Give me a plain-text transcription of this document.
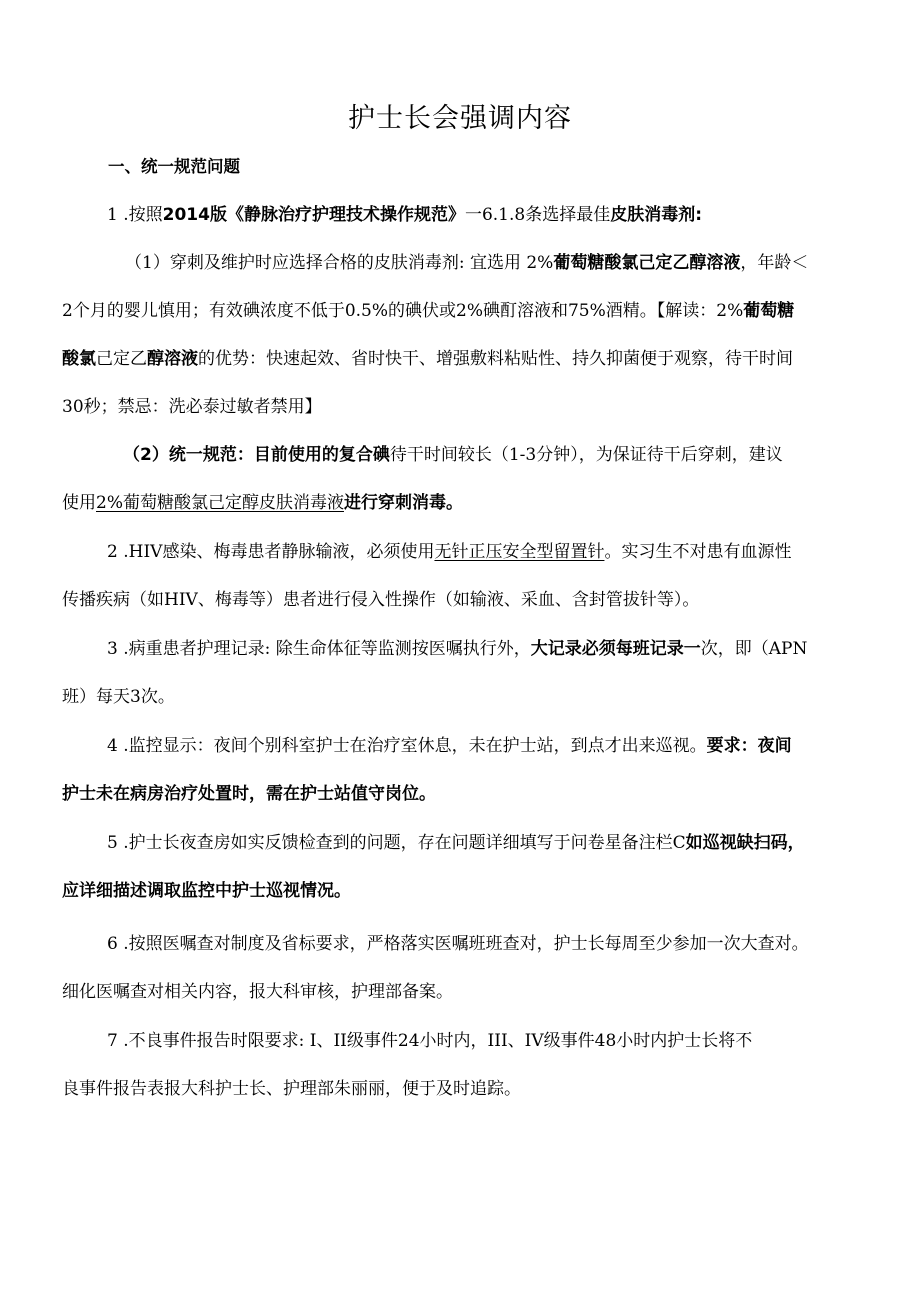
护士长会强调内容
一、统一规范问题
1 .按照2014版《静脉治疗护理技术操作规范》一6.1.8条选择最佳皮肤消毒剂:
（1）穿刺及维护时应选择合格的皮肤消毒剂: 宜选用 2%葡萄糖酸氯己定乙醇溶液，年龄＜
2个月的婴儿慎用；有效碘浓度不低于0.5%的碘伏或2%碘酊溶液和75%酒精。【解读：2%葡萄糖
酸氯己定乙醇溶液的优势：快速起效、省时快干、增强敷料粘贴性、持久抑菌便于观察，待干时间
30秒；禁忌：洗必泰过敏者禁用】
（2）统一规范：目前使用的复合碘待干时间较长（1-3分钟），为保证待干后穿刺，建议
使用2%葡萄糖酸氯己定醇皮肤消毒液进行穿刺消毒。
2 .HIV感染、梅毒患者静脉输液，必须使用无针正压安全型留置针。实习生不对患有血源性
传播疾病（如HIV、梅毒等）患者进行侵入性操作（如输液、采血、含封管拔针等）。
3 .病重患者护理记录: 除生命体征等监测按医嘱执行外，大记录必须每班记录一次，即（APN
班）每天3次。
4 .监控显示：夜间个别科室护士在治疗室休息，未在护士站，到点才出来巡视。要求：夜间
护士未在病房治疗处置时，需在护士站值守岗位。
5 .护士长夜查房如实反馈检查到的问题，存在问题详细填写于问卷星备注栏C如巡视缺扫码，
应详细描述调取监控中护士巡视情况。
6 .按照医嘱查对制度及省标要求，严格落实医嘱班班查对，护士长每周至少参加一次大查对。
细化医嘱查对相关内容，报大科审核，护理部备案。
7 .不良事件报告时限要求: I、II级事件24小时内，III、IV级事件48小时内护士长将不
良事件报告表报大科护士长、护理部朱丽丽，便于及时追踪。
